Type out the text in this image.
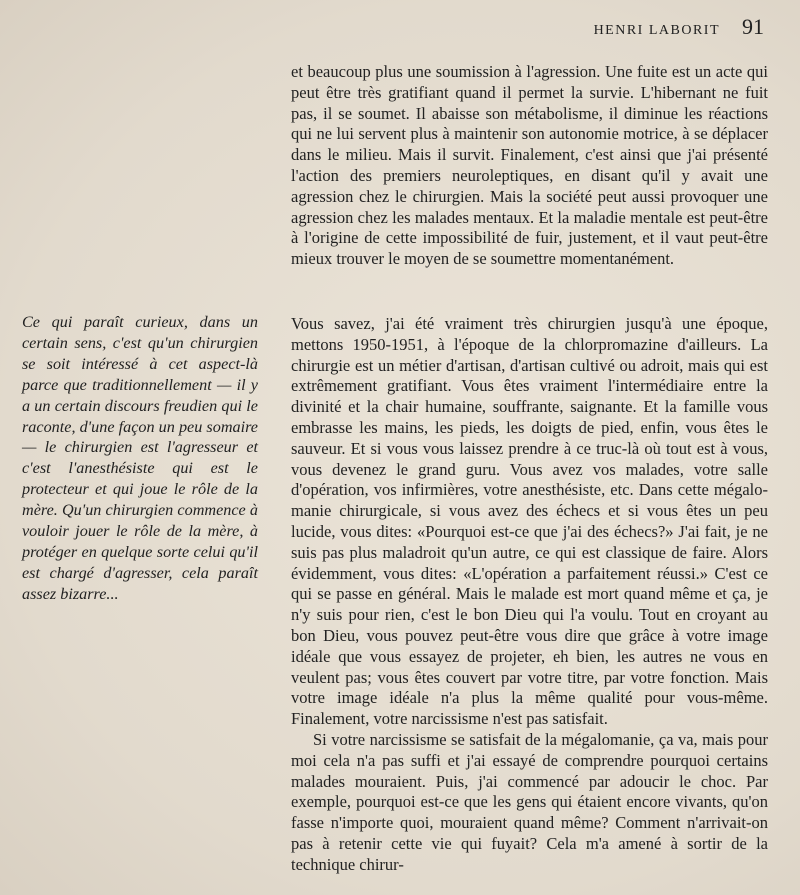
HENRI LABORIT 91

et beaucoup plus une soumission à l'agression. Une fuite est un acte qui peut être très gratifiant quand il permet la survie. L'hibernant ne fuit pas, il se soumet. Il abaisse son métabolisme, il diminue les réactions qui ne lui servent plus à maintenir son autonomie motrice, à se déplacer dans le milieu. Mais il survit. Finalement, c'est ainsi que j'ai présenté l'action des premiers neuroleptiques, en disant qu'il y avait une agression chez le chirurgien. Mais la société peut aussi provoquer une agression chez les malades mentaux. Et la maladie mentale est peut-être à l'origine de cette impossibilité de fuir, justement, et il vaut peut-être mieux trouver le moyen de se soumettre momentanément.

Ce qui paraît curieux, dans un certain sens, c'est qu'un chirurgien se soit intéressé à cet aspect-là parce que traditionnellement — il y a un certain discours freudien qui le raconte, d'une façon un peu somaire — le chirurgien est l'agresseur et c'est l'anesthésiste qui est le protecteur et qui joue le rôle de la mère. Qu'un chirurgien commence à vouloir jouer le rôle de la mère, à protéger en quelque sorte celui qu'il est chargé d'agresser, cela paraît assez bizarre...

Vous savez, j'ai été vraiment très chirurgien jusqu'à une époque, mettons 1950-1951, à l'époque de la chlorpromazine d'ailleurs. La chirurgie est un métier d'artisan, d'artisan cultivé ou adroit, mais qui est extrêmement gratifiant. Vous êtes vraiment l'intermédiaire entre la divinité et la chair humaine, souffrante, saignante. Et la famille vous embrasse les mains, les pieds, les doigts de pied, enfin, vous êtes le sauveur. Et si vous vous laissez prendre à ce truc-là où tout est à vous, vous devenez le grand guru. Vous avez vos malades, votre salle d'opération, vos infirmières, votre anesthésiste, etc. Dans cette mégalomanie chirurgicale, si vous avez des échecs et si vous êtes un peu lucide, vous dites: «Pourquoi est-ce que j'ai des échecs?» J'ai fait, je ne suis pas plus maladroit qu'un autre, ce qui est classique de faire. Alors évidemment, vous dites: «L'opération a parfaitement réussi.» C'est ce qui se passe en général. Mais le malade est mort quand même et ça, je n'y suis pour rien, c'est le bon Dieu qui l'a voulu. Tout en croyant au bon Dieu, vous pouvez peut-être vous dire que grâce à votre image idéale que vous essayez de projeter, eh bien, les autres ne vous en veulent pas; vous êtes couvert par votre titre, par votre fonction. Mais votre image idéale n'a plus la même qualité pour vous-même. Finalement, votre narcissisme n'est pas satisfait.

Si votre narcissisme se satisfait de la mégalomanie, ça va, mais pour moi cela n'a pas suffi et j'ai essayé de comprendre pourquoi certains malades mouraient. Puis, j'ai commencé par adoucir le choc. Par exemple, pourquoi est-ce que les gens qui étaient encore vivants, qu'on fasse n'importe quoi, mouraient quand même? Comment n'arrivait-on pas à retenir cette vie qui fuyait? Cela m'a amené à sortir de la technique chirur-
